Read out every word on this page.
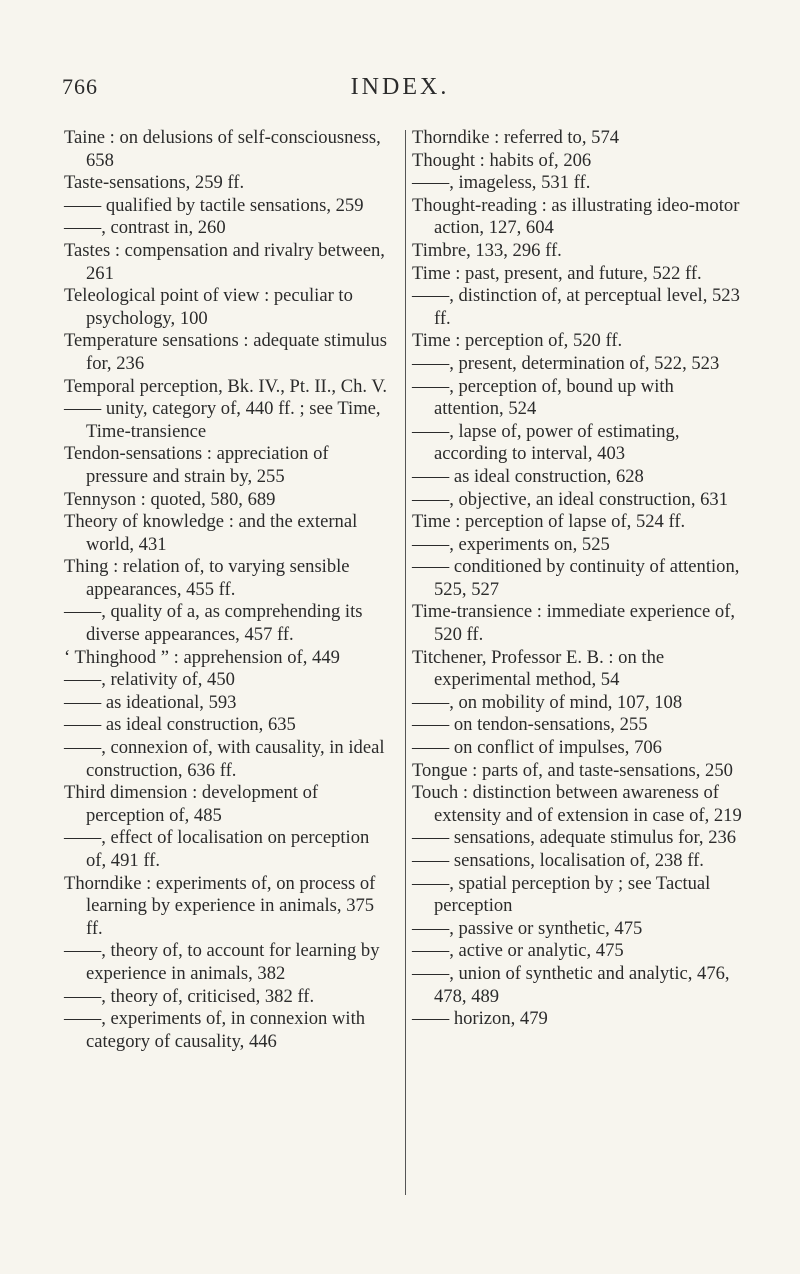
766	INDEX.

Taine : on delusions of self-consciousness, 658

Taste-sensations, 259 ff.

—— qualified by tactile sensations, 259

——, contrast in, 260

Tastes : compensation and rivalry between, 261

Teleological point of view : peculiar to psychology, 100

Temperature sensations : adequate stimulus for, 236

Temporal perception, Bk. IV., Pt. II., Ch. V.

—— unity, category of, 440 ff. ; see Time, Time-transience

Tendon-sensations : appreciation of pressure and strain by, 255

Tennyson : quoted, 580, 689

Theory of knowledge : and the external world, 431

Thing : relation of, to varying sensible appearances, 455 ff.

——, quality of a, as comprehending its diverse appearances, 457 ff.

‘ Thinghood ” : apprehension of, 449

——, relativity of, 450

—— as ideational, 593

—— as ideal construction, 635

——, connexion of, with causality, in ideal construction, 636 ff.

Third dimension : development of perception of, 485

——, effect of localisation on perception of, 491 ff.

Thorndike : experiments of, on process of learning by experience in animals, 375 ff.

——, theory of, to account for learning by experience in animals, 382

——, theory of, criticised, 382 ff.

——, experiments of, in connexion with category of causality, 446

Thorndike : referred to, 574

Thought : habits of, 206

——, imageless, 531 ff.

Thought-reading : as illustrating ideo-motor action, 127, 604

Timbre, 133, 296 ff.

Time : past, present, and future, 522 ff.

——, distinction of, at perceptual level, 523 ff.

Time : perception of, 520 ff.

——, present, determination of, 522, 523

——, perception of, bound up with attention, 524

——, lapse of, power of estimating, according to interval, 403

—— as ideal construction, 628

——, objective, an ideal construction, 631

Time : perception of lapse of, 524 ff.

——, experiments on, 525

—— conditioned by continuity of attention, 525, 527

Time-transience : immediate experience of, 520 ff.

Titchener, Professor E. B. : on the experimental method, 54

——, on mobility of mind, 107, 108

—— on tendon-sensations, 255

—— on conflict of impulses, 706

Tongue : parts of, and taste-sensations, 250

Touch : distinction between awareness of extensity and of extension in case of, 219

—— sensations, adequate stimulus for, 236

—— sensations, localisation of, 238 ff.

——, spatial perception by ; see Tactual perception

——, passive or synthetic, 475

——, active or analytic, 475

——, union of synthetic and analytic, 476, 478, 489

—— horizon, 479
